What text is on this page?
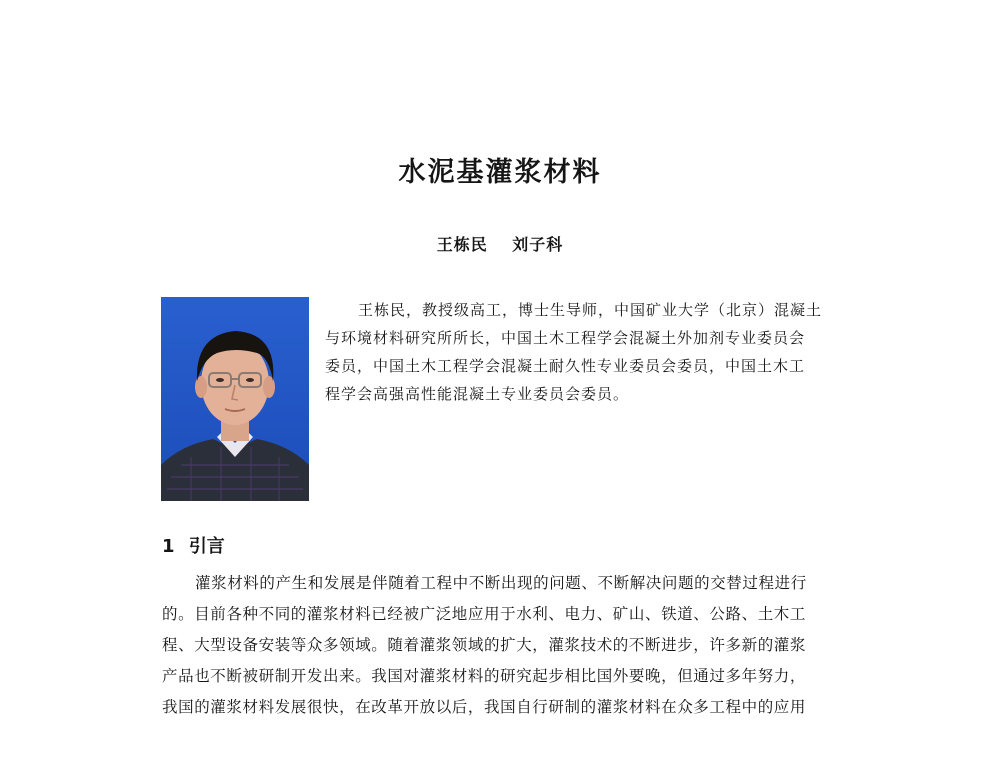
水泥基灌浆材料
王栋民 刘子科
王栋民，教授级高工，博士生导师，中国矿业大学（北京）混凝土
与环境材料研究所所长，中国土木工程学会混凝土外加剂专业委员会
委员，中国土木工程学会混凝土耐久性专业委员会委员，中国土木工
程学会高强高性能混凝土专业委员会委员。
1 引言
灌浆材料的产生和发展是伴随着工程中不断出现的问题、不断解决问题的交替过程进行
的。目前各种不同的灌浆材料已经被广泛地应用于水利、电力、矿山、铁道、公路、土木工
程、大型设备安装等众多领域。随着灌浆领域的扩大，灌浆技术的不断进步，许多新的灌浆
产品也不断被研制开发出来。我国对灌浆材料的研究起步相比国外要晚，但通过多年努力，
我国的灌浆材料发展很快，在改革开放以后，我国自行研制的灌浆材料在众多工程中的应用
